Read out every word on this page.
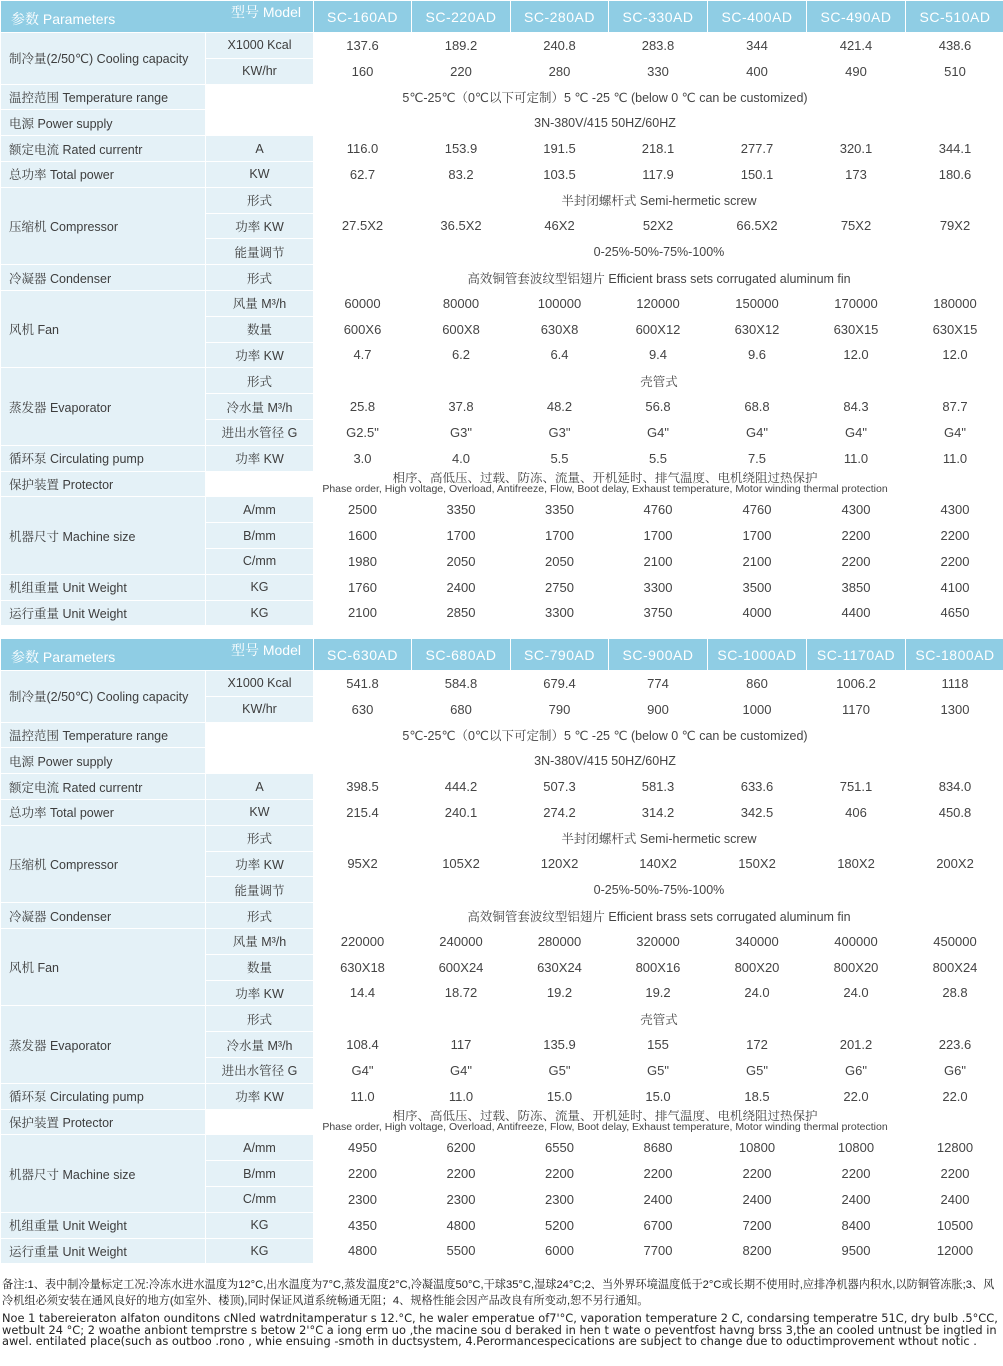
参数 Parameters 型号 Model		SC-160AD	SC-220AD	SC-280AD	SC-330AD	SC-400AD	SC-490AD	SC-510AD
制冷量(2/50℃) Cooling capacity	X1000 Kcal	137.6	189.2	240.8	283.8	344	421.4	438.6
	KW/hr	160	220	280	330	400	490	510
温控范围 Temperature range	5℃-25℃（0℃以下可定制）5 ℃ -25 ℃ (below 0 ℃ can be customized)							
电源 Power supply	3N-380V/415 50HZ/60HZ							
额定电流 Rated currentr	A	116.0	153.9	191.5	218.1	277.7	320.1	344.1
总功率 Total power	KW	62.7	83.2	103.5	117.9	150.1	173	180.6
压缩机 Compressor	形式	半封闭螺杆式 Semi-hermetic screw						
	功率 KW	27.5X2	36.5X2	46X2	52X2	66.5X2	75X2	79X2
	能量调节	0-25%-50%-75%-100%						
冷凝器 Condenser	形式	高效铜管套波纹型铝翅片 Efficient brass sets corrugated aluminum fin						
风机 Fan	风量 M³/h	60000	80000	100000	120000	150000	170000	180000
	数量	600X6	600X8	630X8	600X12	630X12	630X15	630X15
	功率 KW	4.7	6.2	6.4	9.4	9.6	12.0	12.0
蒸发器 Evaporator	形式	壳管式						
	冷水量 M³/h	25.8	37.8	48.2	56.8	68.8	84.3	87.7
	进出水管径 G	G2.5"	G3"	G3"	G4"	G4"	G4"	G4"
循环泵 Circulating pump	功率 KW	3.0	4.0	5.5	5.5	7.5	11.0	11.0
保护装置 Protector	相序、高低压、过载、防冻、流量、开机延时、排气温度、电机绕阻过热保护
Phase order, High voltage, Overload, Antifreeze, Flow, Boot delay, Exhaust temperature, Motor winding thermal protection							

机器尺寸 Machine size	A/mm	2500	3350	3350	4760	4760	4300	4300
	B/mm	1600	1700	1700	1700	1700	2200	2200
	C/mm	1980	2050	2050	2100	2100	2200	2200
机组重量 Unit Weight	KG	1760	2400	2750	3300	3500	3850	4100
运行重量 Unit Weight	KG	2100	2850	3300	3750	4000	4400	4650
参数 Parameters 型号 Model		SC-630AD	SC-680AD	SC-790AD	SC-900AD	SC-1000AD	SC-1170AD	SC-1800AD
制冷量(2/50℃) Cooling capacity	X1000 Kcal	541.8	584.8	679.4	774	860	1006.2	1118
	KW/hr	630	680	790	900	1000	1170	1300
温控范围 Temperature range	5℃-25℃（0℃以下可定制）5 ℃ -25 ℃ (below 0 ℃ can be customized)							
电源 Power supply	3N-380V/415 50HZ/60HZ							
额定电流 Rated currentr	A	398.5	444.2	507.3	581.3	633.6	751.1	834.0
总功率 Total power	KW	215.4	240.1	274.2	314.2	342.5	406	450.8
压缩机 Compressor	形式	半封闭螺杆式 Semi-hermetic screw						
	功率 KW	95X2	105X2	120X2	140X2	150X2	180X2	200X2
	能量调节	0-25%-50%-75%-100%						
冷凝器 Condenser	形式	高效铜管套波纹型铝翅片 Efficient brass sets corrugated aluminum fin						
风机 Fan	风量 M³/h	220000	240000	280000	320000	340000	400000	450000
	数量	630X18	600X24	630X24	800X16	800X20	800X20	800X24
	功率 KW	14.4	18.72	19.2	19.2	24.0	24.0	28.8
蒸发器 Evaporator	形式	壳管式						
	冷水量 M³/h	108.4	117	135.9	155	172	201.2	223.6
	进出水管径 G	G4"	G4"	G5"	G5"	G5"	G6"	G6"
循环泵 Circulating pump	功率 KW	11.0	11.0	15.0	15.0	18.5	22.0	22.0
保护装置 Protector	相序、高低压、过载、防冻、流量、开机延时、排气温度、电机绕阻过热保护
Phase order, High voltage, Overload, Antifreeze, Flow, Boot delay, Exhaust temperature, Motor winding thermal protection							

机器尺寸 Machine size	A/mm	4950	6200	6550	8680	10800	10800	12800
	B/mm	2200	2200	2200	2200	2200	2200	2200
	C/mm	2300	2300	2300	2400	2400	2400	2400
机组重量 Unit Weight	KG	4350	4800	5200	6700	7200	8400	10500
运行重量 Unit Weight	KG	4800	5500	6000	7700	8200	9500	12000
备注:1、表中制冷量标定工况:冷冻水进水温度为12°C,出水温度为7°C,蒸发温度2°C,冷凝温度50°C,干球35°C,湿球24°C;2、当外界环境温度低于2°C或长期不使用时,应排净机器内积水,以防铜管冻胀;3、风冷机组必须安装在通风良好的地方(如室外、楼顶),同时保证风道系统畅通无阻；4、规格性能会因产品改良有所变动,恕不另行通知。
Noe 1 tabereieraton alfaton ounditons cNled watrdnitamperatur s 12.°C, he waler emperatue of7'°C, vaporation temperature 2 C, condarsing temperatre 51C, dry bulb .5°CC, wetbult 24 °C; 2 woathe anbiont temprstre s betow 2'°C a iong erm uo ,the macine sou d beraked in hen t wate o peventfost havng brss 3,the an cooled untnust be ingtled in awel. entilated place(such as outboo .rono , whie ensuing -smoth in ductsystem, 4.Perormancespecications are subject to change due to oductimprovement wthout notic .
